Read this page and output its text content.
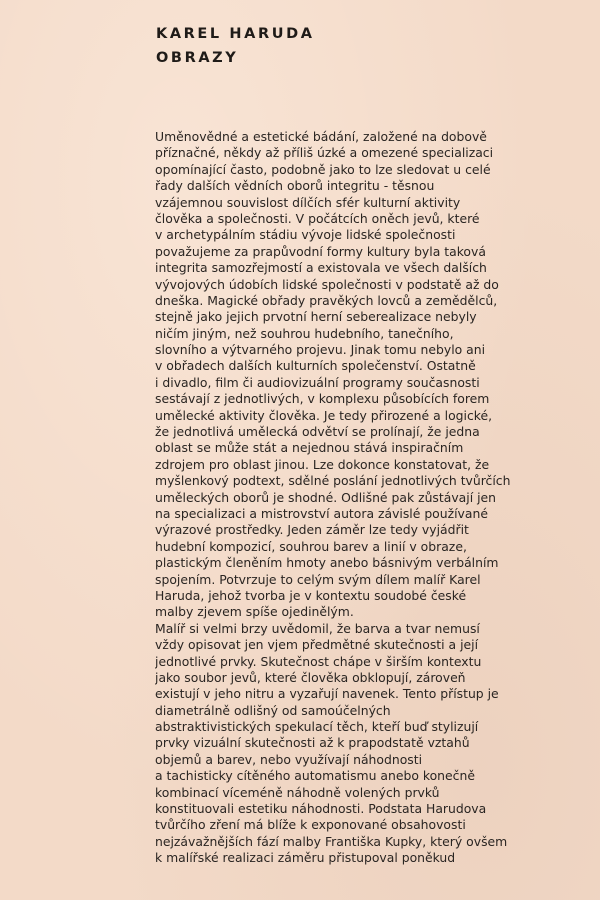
KAREL HARUDA
OBRAZY
Uměnovědné a estetické bádání, založené na dobově
příznačné, někdy až příliš úzké a omezené specializaci
opomínající často, podobně jako to lze sledovat u celé
řady dalších vědních oborů integritu - těsnou
vzájemnou souvislost dílčích sfér kulturní aktivity
člověka a společnosti. V počátcích oněch jevů, které
v archetypálním stádiu vývoje lidské společnosti
považujeme za prapůvodní formy kultury byla taková
integrita samozřejmostí a existovala ve všech dalších
vývojových údobích lidské společnosti v podstatě až do
dneška. Magické obřady pravěkých lovců a zemědělců,
stejně jako jejich prvotní herní seberealizace nebyly
ničím jiným, než souhrou hudebního, tanečního,
slovního a výtvarného projevu. Jinak tomu nebylo ani
v obřadech dalších kulturních společenství. Ostatně
i divadlo, film či audiovizuální programy současnosti
sestávají z jednotlivých, v komplexu působících forem
umělecké aktivity člověka. Je tedy přirozené a logické,
že jednotlivá umělecká odvětví se prolínají, že jedna
oblast se může stát a nejednou stává inspiračním
zdrojem pro oblast jinou. Lze dokonce konstatovat, že
myšlenkový podtext, sdělné poslání jednotlivých tvůrčích
uměleckých oborů je shodné. Odlišné pak zůstávají jen
na specializaci a mistrovství autora závislé používané
výrazové prostředky. Jeden záměr lze tedy vyjádřit
hudební kompozicí, souhrou barev a linií v obraze,
plastickým členěním hmoty anebo básnivým verbálním
spojením. Potvrzuje to celým svým dílem malíř Karel
Haruda, jehož tvorba je v kontextu soudobé české
malby zjevem spíše ojedinělým.
Malíř si velmi brzy uvědomil, že barva a tvar nemusí
vždy opisovat jen vjem předmětné skutečnosti a její
jednotlivé prvky. Skutečnost chápe v širším kontextu
jako soubor jevů, které člověka obklopují, zároveň
existují v jeho nitru a vyzařují navenek. Tento přístup je
diametrálně odlišný od samoúčelných
abstraktivistických spekulací těch, kteří buď stylizují
prvky vizuální skutečnosti až k prapodstatě vztahů
objemů a barev, nebo využívají náhodnosti
a tachisticky cítěného automatismu anebo konečně
kombinací víceméně náhodně volených prvků
konstituovali estetiku náhodnosti. Podstata Harudova
tvůrčího zření má blíže k exponované obsahovosti
nejzávažnějších fází malby Františka Kupky, který ovšem
k malířské realizaci záměru přistupoval poněkud
